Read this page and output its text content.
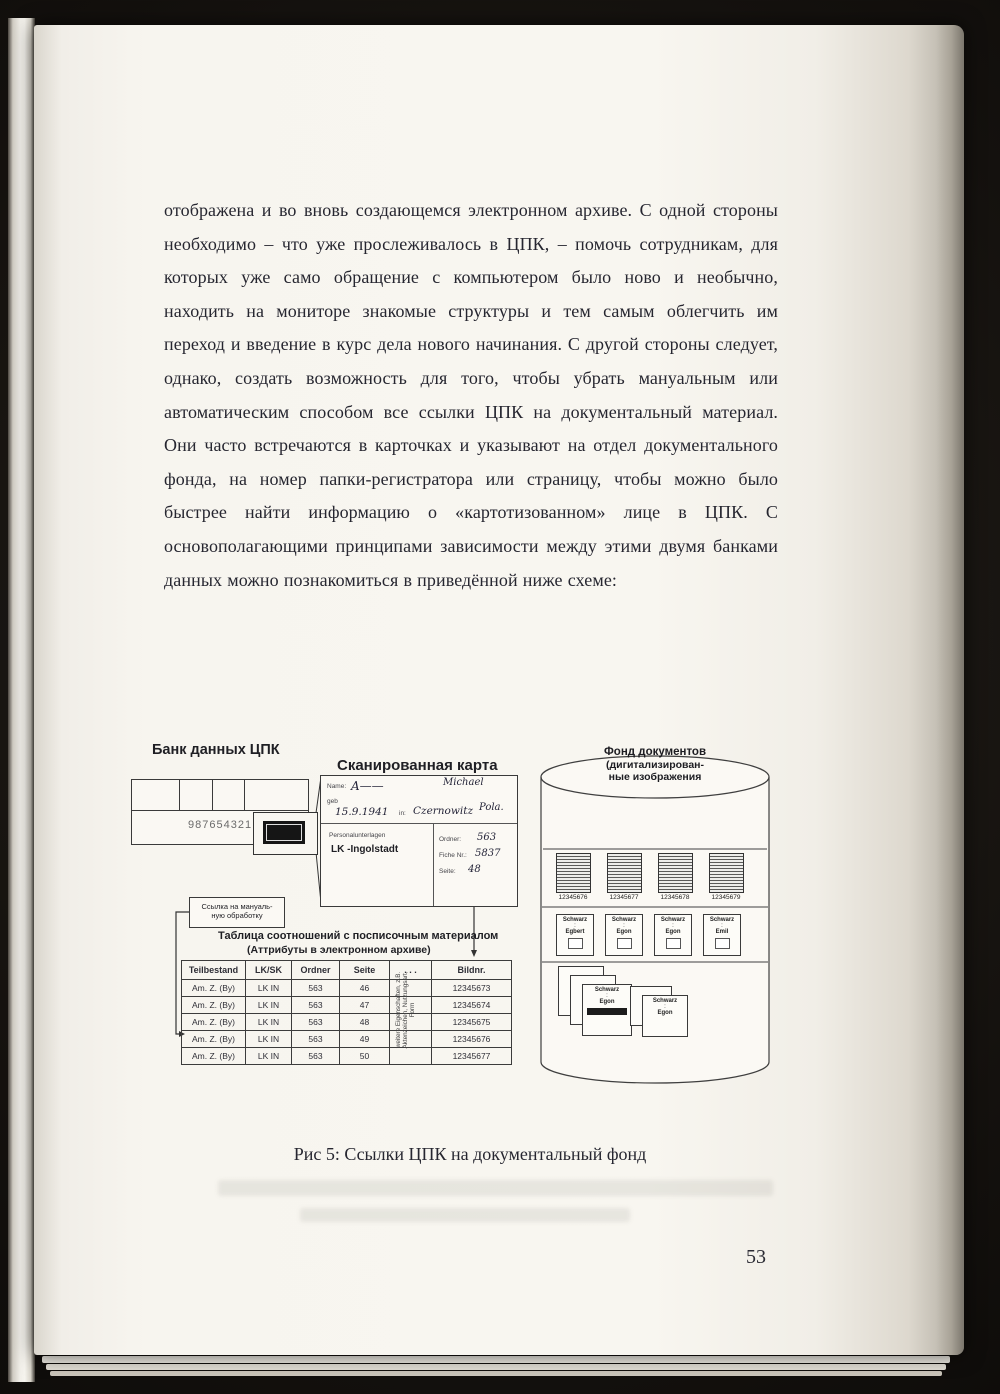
отображена и во вновь создающемся электронном архиве. С одной стороны необходимо – что уже прослеживалось в ЦПК, – помочь сотрудникам, для которых уже само обращение с компьютером было ново и необычно, находить на мониторе знакомые структуры и тем самым облегчить им переход и введение в курс дела нового начинания. С другой стороны следует, однако, создать возможность для того, чтобы убрать мануальным или автоматическим способом все ссылки ЦПК на документальный материал. Они часто встречаются в карточках и указывают на отдел документального фонда, на номер папки-регистратора или страницу, чтобы можно было быстрее найти информацию о «картотизованном» лице в ЦПК. С основополагающими принципами зависимости между этими двумя банками данных можно познакомиться в приведённой ниже схеме:
Банк данных ЦПК
987654321
Сканированная карта
Name: A——	Michael
geb
15.9.1941 in: Czernowitz Pola.
Personalunterlagen
LK -Ingolstadt
Ordner: 563
Fiche Nr.: 5837
Seite: 48
Ссылка на мануаль-
ную обработку
Таблица соотношений с посписочным материалом
(Аттрибуты в электронном архиве)
Teilbestand	LK/SK	Ordner	Seite	. . .	Bildnr.
Am. Z. (By)	LK IN	563	46		12345673
Am. Z. (By)	LK IN	563	47		12345674
Am. Z. (By)	LK IN	563	48		12345675
Am. Z. (By)	LK IN	563	49		12345676
Am. Z. (By)	LK IN	563	50		12345677
weitere Eigenschaften, z.B. Aktenzeichen, Nutzungsart, Form
Фонд документов
(дигитализирован-
ные изображения
12345676	12345677	12345678	12345679
Schwarz
:
Egbert
Schwarz
:
Egon
Schwarz
:
Egon
Schwarz
:
Emil
Schwarz
:
Egon	Schwarz
:
Egon
Рис 5: Ссылки ЦПК на документальный фонд
53
